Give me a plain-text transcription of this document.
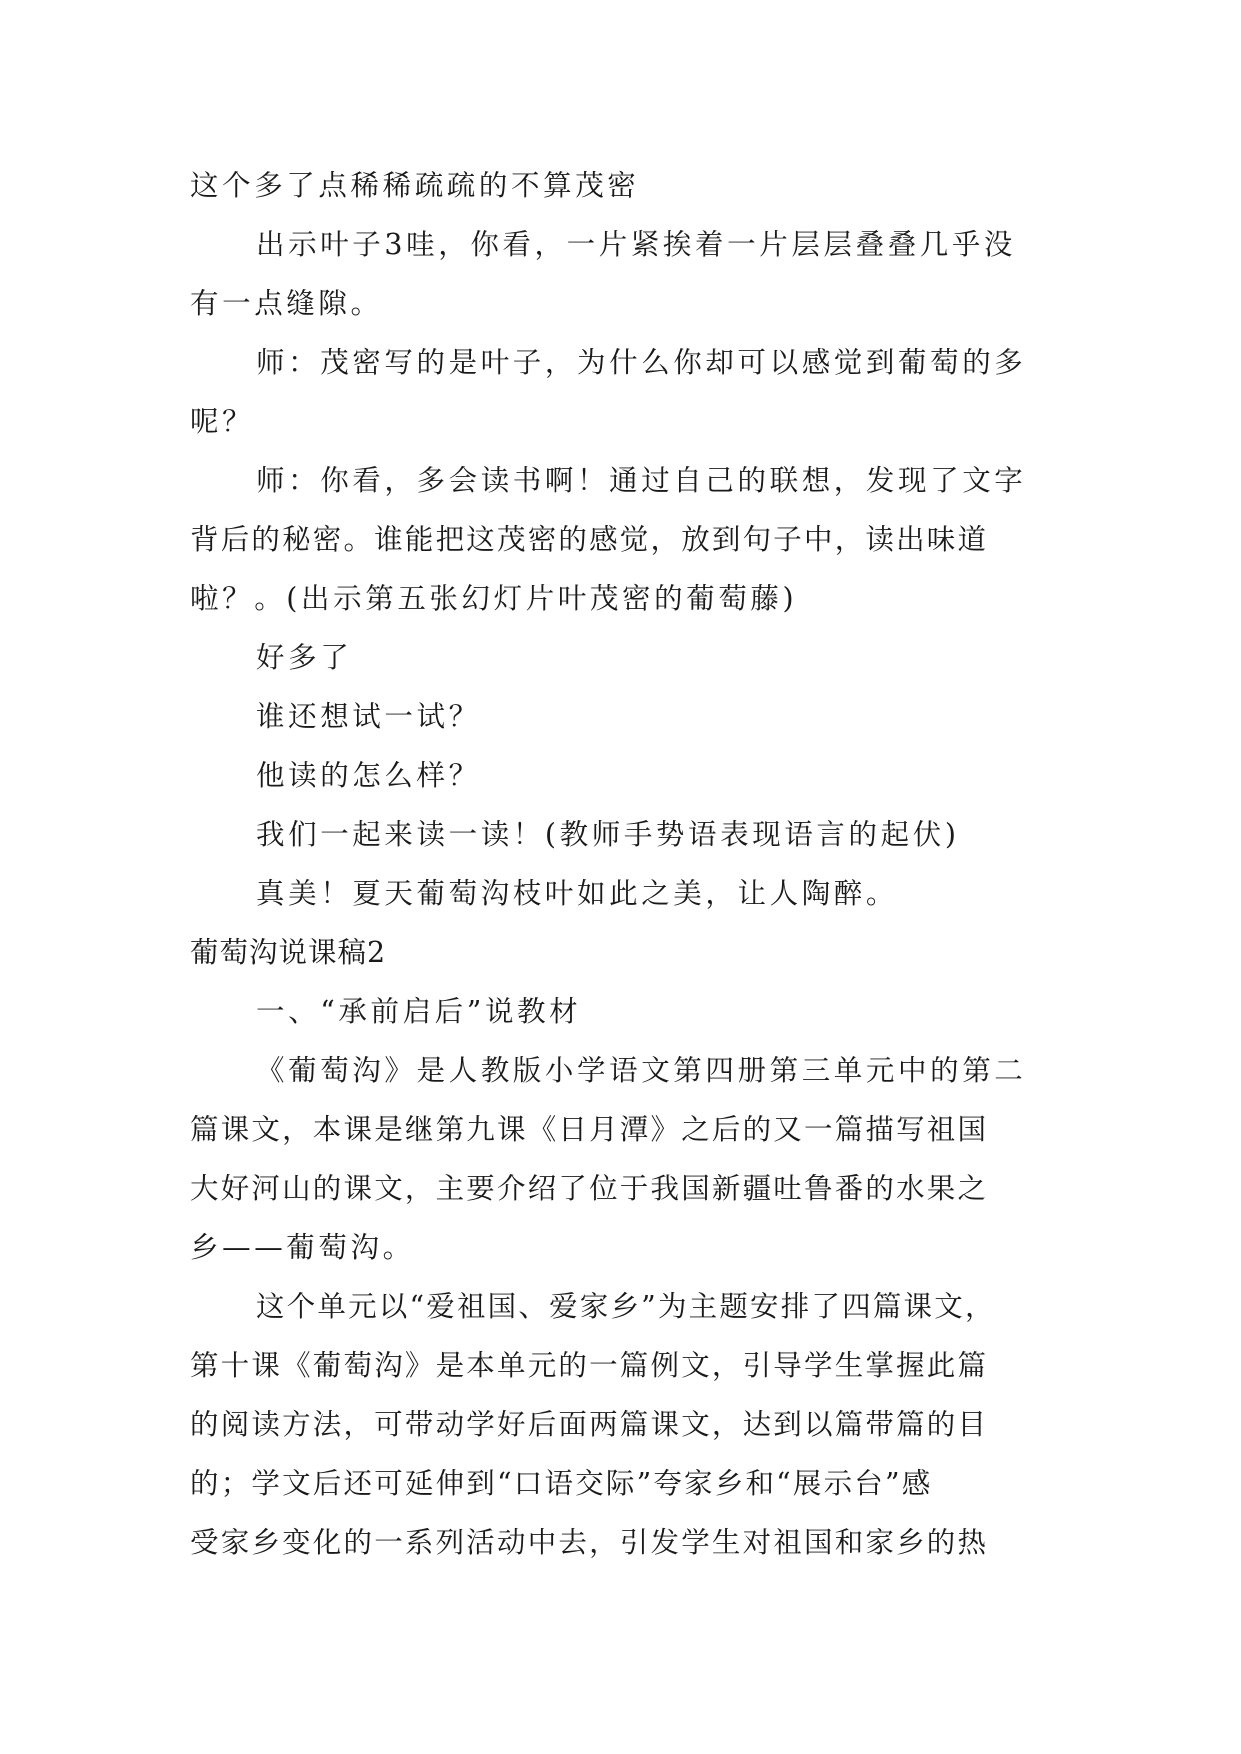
这个多了点稀稀疏疏的不算茂密
出示叶子3哇，你看，一片紧挨着一片层层叠叠几乎没
有一点缝隙。
师：茂密写的是叶子，为什么你却可以感觉到葡萄的多
呢？
师：你看，多会读书啊！通过自己的联想，发现了文字
背后的秘密。谁能把这茂密的感觉，放到句子中，读出味道
啦？。(出示第五张幻灯片叶茂密的葡萄藤)
好多了
谁还想试一试？
他读的怎么样？
我们一起来读一读！(教师手势语表现语言的起伏)
真美！夏天葡萄沟枝叶如此之美，让人陶醉。
葡萄沟说课稿2
一、“承前启后”说教材
《葡萄沟》是人教版小学语文第四册第三单元中的第二
篇课文，本课是继第九课《日月潭》之后的又一篇描写祖国
大好河山的课文，主要介绍了位于我国新疆吐鲁番的水果之
乡——葡萄沟。
这个单元以“爱祖国、爱家乡”为主题安排了四篇课文，
第十课《葡萄沟》是本单元的一篇例文，引导学生掌握此篇
的阅读方法，可带动学好后面两篇课文，达到以篇带篇的目
的；学文后还可延伸到“口语交际”夸家乡和“展示台”感
受家乡变化的一系列活动中去，引发学生对祖国和家乡的热
